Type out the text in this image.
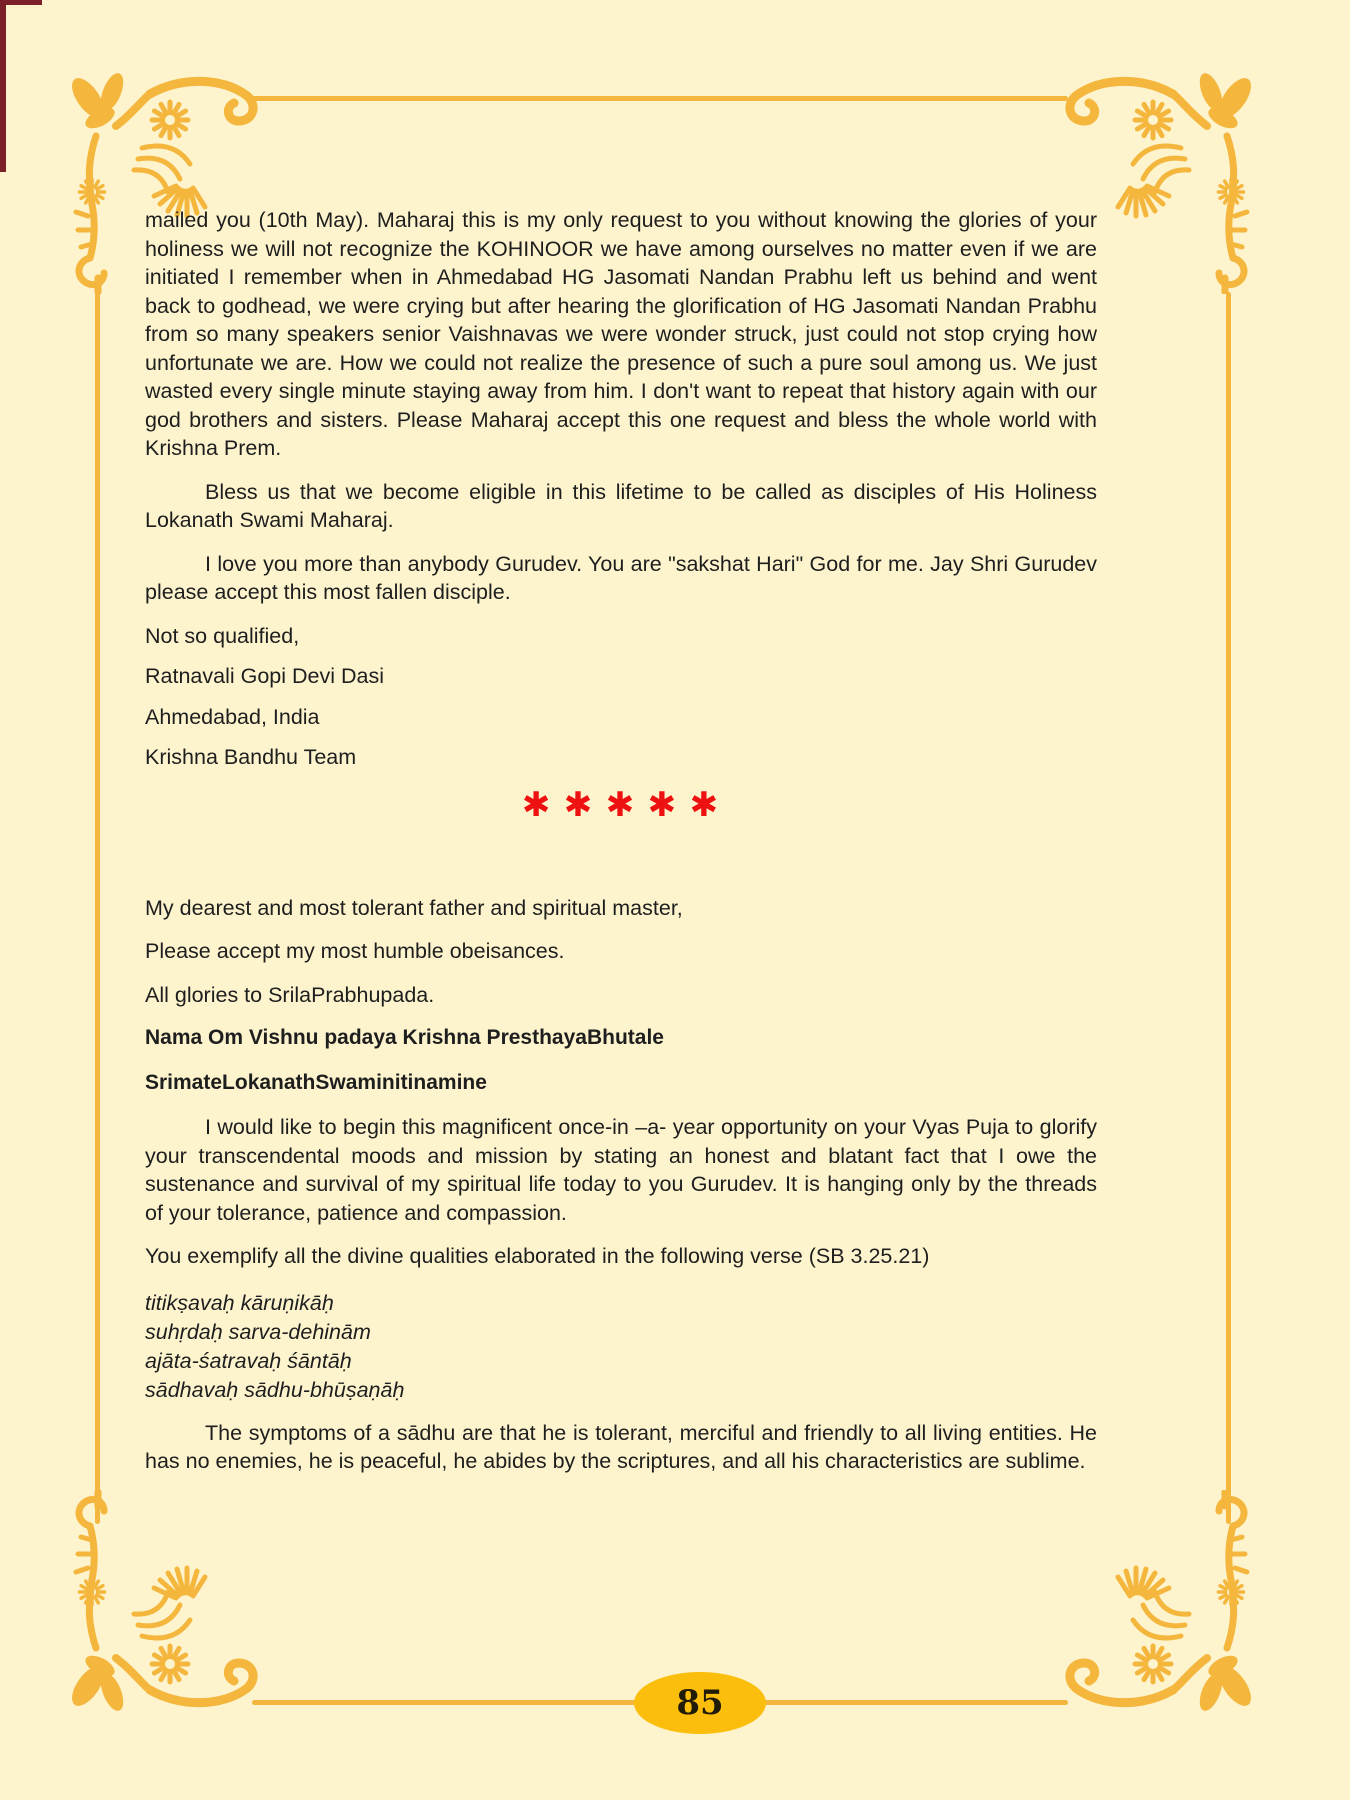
85

mailed you (10th May). Maharaj this is my only request to you without knowing the glories of your holiness we will not recognize the KOHINOOR we have among ourselves no matter even if we are initiated I remember when in Ahmedabad HG Jasomati Nandan Prabhu left us behind and went back to godhead, we were crying but after hearing the glorification of HG Jasomati Nandan Prabhu from so many speakers senior Vaishnavas we were wonder struck, just could not stop crying how unfortunate we are. How we could not realize the presence of such a pure soul among us. We just wasted every single minute staying away from him. I don't want to repeat that history again with our god brothers and sisters. Please Maharaj accept this one request and bless the whole world with Krishna Prem.

Bless us that we become eligible in this lifetime to be called as disciples of His Holiness Lokanath Swami Maharaj.

I love you more than anybody Gurudev. You are "sakshat Hari" God for me. Jay Shri Gurudev please accept this most fallen disciple.

Not so qualified,

Ratnavali Gopi Devi Dasi

Ahmedabad, India

Krishna Bandhu Team

✱ ✱ ✱ ✱ ✱

My dearest and most tolerant father and spiritual master,

Please accept my most humble obeisances.

All glories to SrilaPrabhupada.

Nama Om Vishnu padaya Krishna PresthayaBhutale

SrimateLokanathSwaminitinamine

I would like to begin this magnificent once-in –a- year opportunity on your Vyas Puja to glorify your transcendental moods and mission by stating an honest and blatant fact that I owe the sustenance and survival of my spiritual life today to you Gurudev. It is hanging only by the threads of your tolerance, patience and compassion.

You exemplify all the divine qualities elaborated in the following verse (SB 3.25.21)

titikṣavaḥ kāruṇikāḥ

suhṛdaḥ sarva-dehinām

ajāta-śatravaḥ śāntāḥ

sādhavaḥ sādhu-bhūṣaṇāḥ

The symptoms of a sādhu are that he is tolerant, merciful and friendly to all living entities. He has no enemies, he is peaceful, he abides by the scriptures, and all his characteristics are sublime.
